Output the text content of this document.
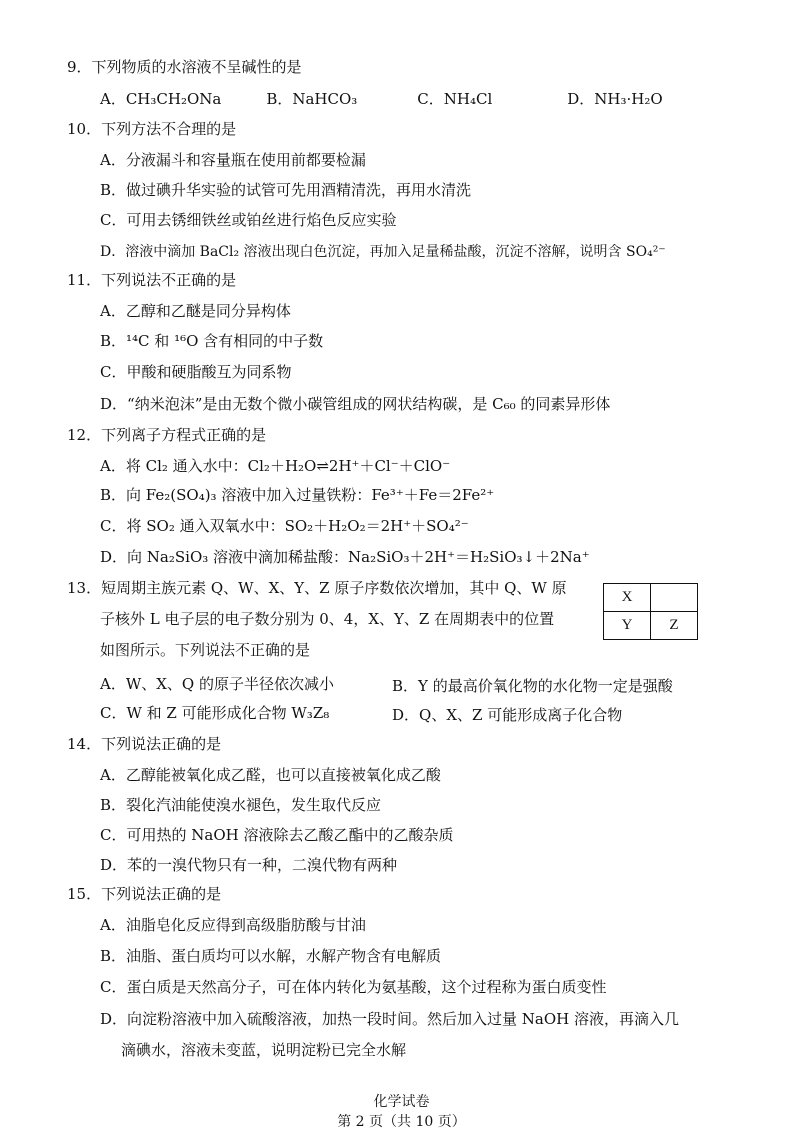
9．下列物质的水溶液不呈碱性的是
A．CH₃CH₂ONa　　　B．NaHCO₃　　　　C．NH₄Cl　　　　　D．NH₃·H₂O
10．下列方法不合理的是
A．分液漏斗和容量瓶在使用前都要检漏
B．做过碘升华实验的试管可先用酒精清洗，再用水清洗
C．可用去锈细铁丝或铂丝进行焰色反应实验
D．溶液中滴加 BaCl₂ 溶液出现白色沉淀，再加入足量稀盐酸，沉淀不溶解，说明含 SO₄²⁻
11．下列说法不正确的是
A．乙醇和乙醚是同分异构体
B．¹⁴C 和 ¹⁶O 含有相同的中子数
C．甲酸和硬脂酸互为同系物
D．“纳米泡沫”是由无数个微小碳管组成的网状结构碳，是 C₆₀ 的同素异形体
12．下列离子方程式正确的是
A．将 Cl₂ 通入水中：Cl₂＋H₂O⇌2H⁺＋Cl⁻＋ClO⁻
B．向 Fe₂(SO₄)₃ 溶液中加入过量铁粉：Fe³⁺＋Fe＝2Fe²⁺
C．将 SO₂ 通入双氧水中：SO₂＋H₂O₂＝2H⁺＋SO₄²⁻
D．向 Na₂SiO₃ 溶液中滴加稀盐酸：Na₂SiO₃＋2H⁺＝H₂SiO₃↓＋2Na⁺
13．短周期主族元素 Q、W、X、Y、Z 原子序数依次增加，其中 Q、W 原
子核外 L 电子层的电子数分别为 0、4，X、Y、Z 在周期表中的位置
如图所示。下列说法不正确的是
X	
Y	Z
A．W、X、Q 的原子半径依次减小	B．Y 的最高价氧化物的水化物一定是强酸
C．W 和 Z 可能形成化合物 W₃Z₈	D．Q、X、Z 可能形成离子化合物
14．下列说法正确的是
A．乙醇能被氧化成乙醛，也可以直接被氧化成乙酸
B．裂化汽油能使溴水褪色，发生取代反应
C．可用热的 NaOH 溶液除去乙酸乙酯中的乙酸杂质
D．苯的一溴代物只有一种，二溴代物有两种
15．下列说法正确的是
A．油脂皂化反应得到高级脂肪酸与甘油
B．油脂、蛋白质均可以水解，水解产物含有电解质
C．蛋白质是天然高分子，可在体内转化为氨基酸，这个过程称为蛋白质变性
D．向淀粉溶液中加入硫酸溶液，加热一段时间。然后加入过量 NaOH 溶液，再滴入几
滴碘水，溶液未变蓝，说明淀粉已完全水解

化学试卷
第 2 页（共 10 页）
